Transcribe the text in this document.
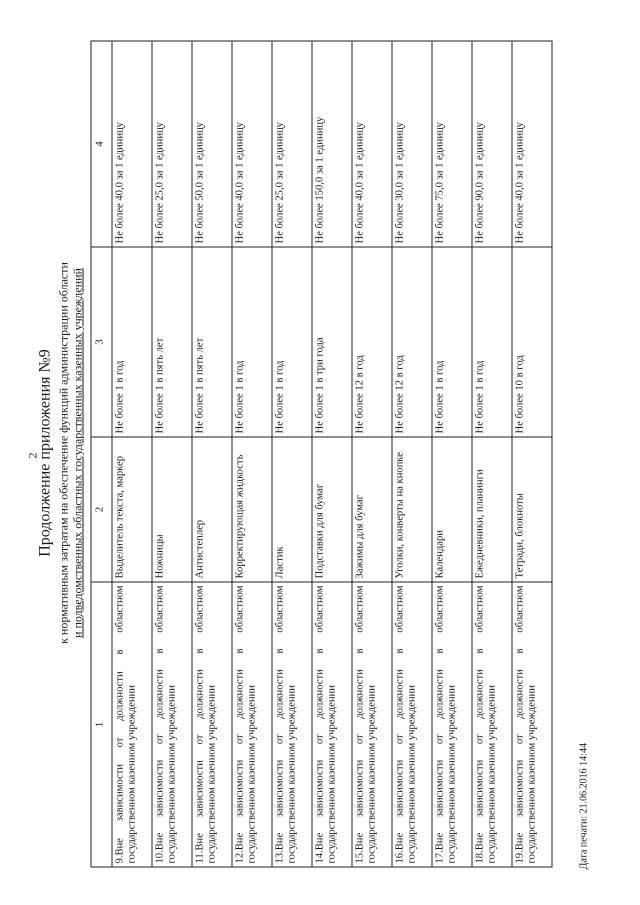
2
Продолжение приложения №9 к нормативным затратам на обеспечение функций администрации области и подведомственных областных государственных казенных учреждений
1	2	3	4
9.Вне зависимости от должности в областном государственном казенном учреждении	Выделитель текста, маркер	Не более 1 в год	Не более 40,0 за 1 единицу
10.Вне зависимости от должности в областном государственном казенном учреждении	Ножницы	Не более 1 в пять лет	Не более 25,0 за 1 единицу
11.Вне зависимости от должности в областном государственном казенном учреждении	Антистеплер	Не более 1 в пять лет	Не более 50,0 за 1 единицу
12.Вне зависимости от должности в областном государственном казенном учреждении	Корректирующая жидкость	Не более 1 в год	Не более 40,0 за 1 единицу
13.Вне зависимости от должности в областном государственном казенном учреждении	Ластик	Не более 1 в год	Не более 25,0 за 1 единицу
14.Вне зависимости от должности в областном государственном казенном учреждении	Подставки для бумаг	Не более 1 в три года	Не более 150,0 за 1 единицу
15.Вне зависимости от должности в областном государственном казенном учреждении	Зажимы для бумаг	Не более 12 в год	Не более 40,0 за 1 единицу
16.Вне зависимости от должности в областном государственном казенном учреждении	Уголки, конверты на кнопке	Не более 12 в год	Не более 30,0 за 1 единицу
17.Вне зависимости от должности в областном государственном казенном учреждении	Календари	Не более 1 в год	Не более 75,0 за 1 единицу
18.Вне зависимости от должности в областном государственном казенном учреждении	Ежедневники, планинги	Не более 1 в год	Не более 90,0 за 1 единицу
19.Вне зависимости от должности в областном государственном казенном учреждении	Тетради, блокноты	Не более 10 в год	Не более 40,0 за 1 единицу
Дата печати: 21.06.2016 14:44
